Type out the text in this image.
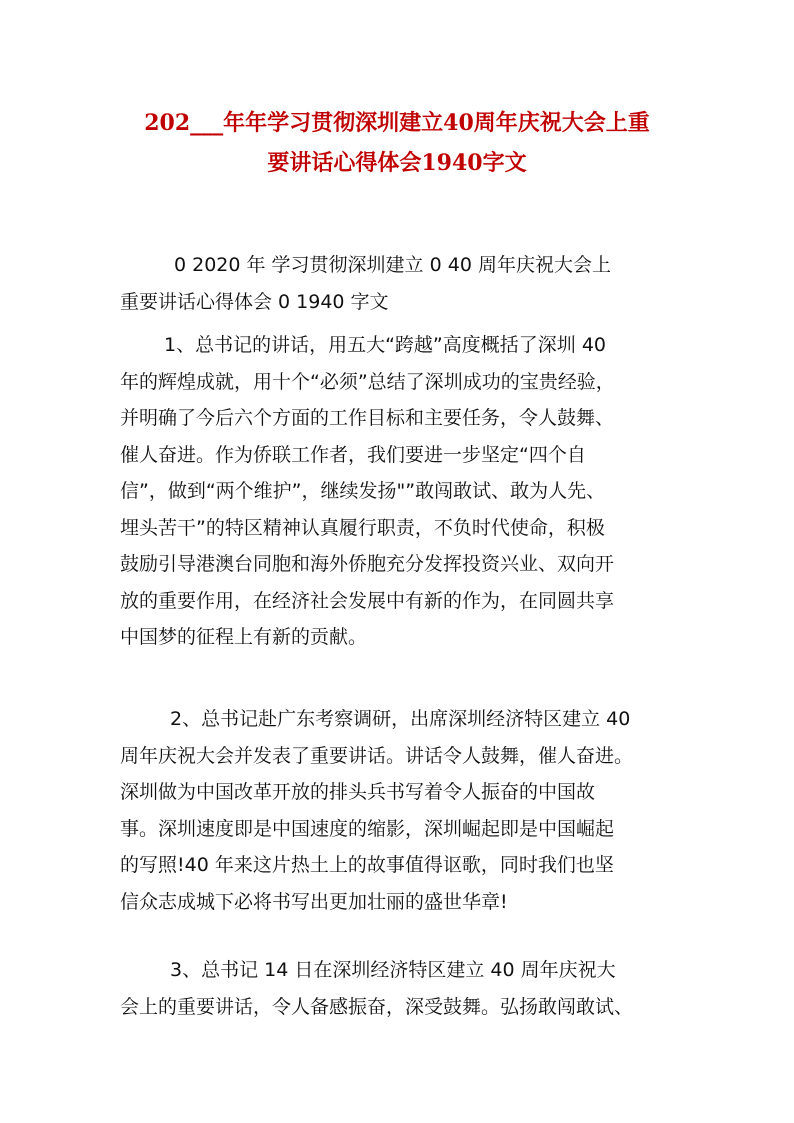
202___年年学习贯彻深圳建立40周年庆祝大会上重
要讲话心得体会1940字文
0 2020 年 学习贯彻深圳建立 0 40 周年庆祝大会上
重要讲话心得体会 0 1940 字文
1、总书记的讲话，用五大“跨越”高度概括了深圳 40
年的辉煌成就，用十个“必须”总结了深圳成功的宝贵经验，
并明确了今后六个方面的工作目标和主要任务，令人鼓舞、
催人奋进。作为侨联工作者，我们要进一步坚定“四个自
信”，做到“两个维护”，继续发扬"”敢闯敢试、敢为人先、
埋头苦干”的特区精神认真履行职责，不负时代使命，积极
鼓励引导港澳台同胞和海外侨胞充分发挥投资兴业、双向开
放的重要作用，在经济社会发展中有新的作为，在同圆共享
中国梦的征程上有新的贡献。
2、总书记赴广东考察调研，出席深圳经济特区建立 40
周年庆祝大会并发表了重要讲话。讲话令人鼓舞，催人奋进。
深圳做为中国改革开放的排头兵书写着令人振奋的中国故
事。深圳速度即是中国速度的缩影，深圳崛起即是中国崛起
的写照!40 年来这片热土上的故事值得讴歌，同时我们也坚
信众志成城下必将书写出更加壮丽的盛世华章!
3、总书记 14 日在深圳经济特区建立 40 周年庆祝大
会上的重要讲话，令人备感振奋，深受鼓舞。弘扬敢闯敢试、
